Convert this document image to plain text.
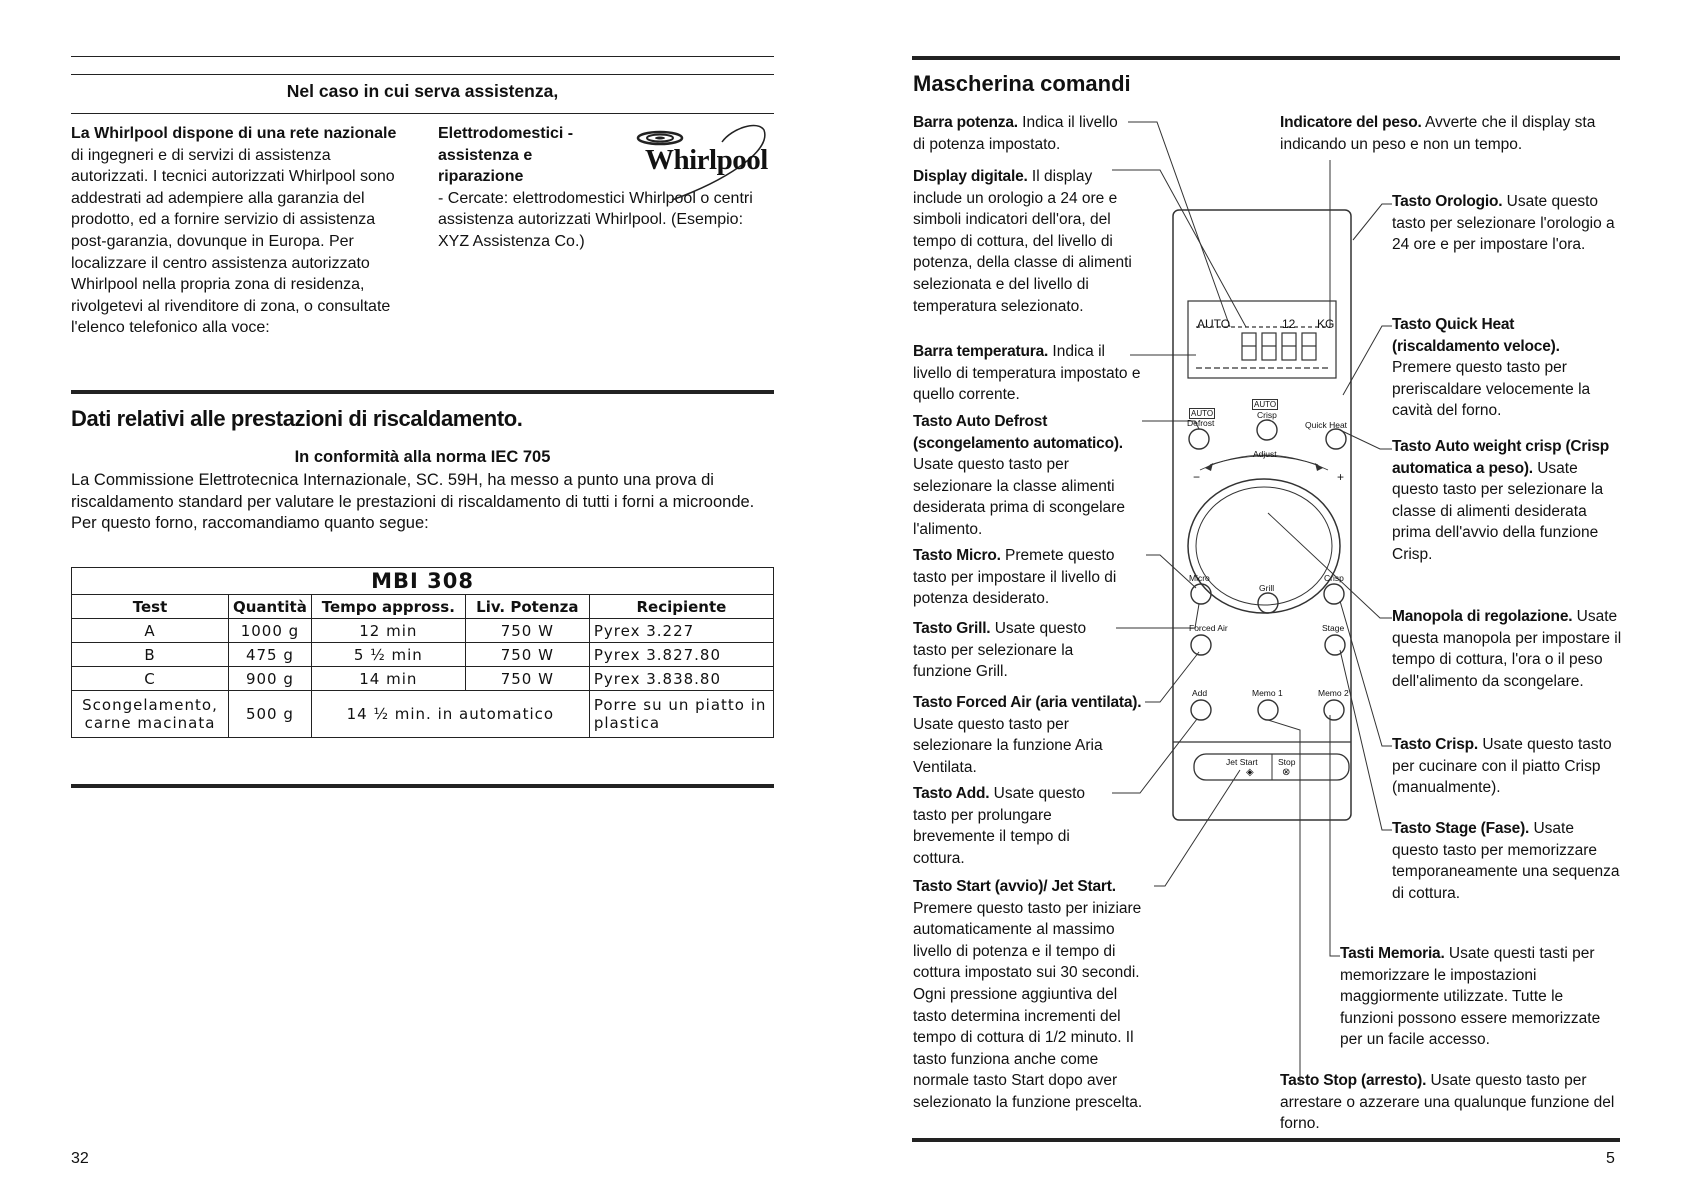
Nel caso in cui serva assistenza,
La Whirlpool dispone di una rete nazionale di ingegneri e di servizi di assistenza autorizzati. I tecnici autorizzati Whirlpool sono addestrati ad adempiere alla garanzia del prodotto, ed a fornire servizio di assistenza post-garanzia, dovunque in Europa. Per localizzare il centro assistenza autorizzato Whirlpool nella propria zona di residenza, rivolgetevi al rivenditore di zona, o consultate l'elenco telefonico alla voce:
Elettrodomestici - assistenza e riparazione
- Cercate: elettrodomestici Whirlpool o centri assistenza autorizzati Whirlpool. (Esempio: XYZ Assistenza Co.)
Whirlpool
Dati relativi alle prestazioni di riscaldamento.
In conformità alla norma IEC 705
La Commissione Elettrotecnica Internazionale, SC. 59H, ha messo a punto una prova di riscaldamento standard per valutare le prestazioni di riscaldamento di tutti i forni a microonde. Per questo forno, raccomandiamo quanto segue:
MBI 308				
Test	Quantità	Tempo appross.	Liv. Potenza	Recipiente
A	1000 g	12 min	750 W	Pyrex 3.227
B	475 g	5 ½ min	750 W	Pyrex 3.827.80
C	900 g	14 min	750 W	Pyrex 3.838.80
Scongelamento, carne macinata	500 g	14 ½ min. in automatico		Porre su un piatto in plastica
32
Mascherina comandi
Barra potenza. Indica il livello di potenza impostato.
Display digitale. Il display include un orologio a 24 ore e simboli indicatori dell'ora, del tempo di cottura, del livello di potenza, della classe di alimenti selezionata e del livello di temperatura selezionato.
Barra temperatura. Indica il livello di temperatura impostato e quello corrente.
Tasto Auto Defrost (scongelamento automatico). Usate questo tasto per selezionare la classe alimenti desiderata prima di scongelare l'alimento.
Tasto Micro. Premete questo tasto per impostare il livello di potenza desiderato.
Tasto Grill. Usate questo tasto per selezionare la funzione Grill.
Tasto Forced Air (aria ventilata). Usate questo tasto per selezionare la funzione Aria Ventilata.
Tasto Add. Usate questo tasto per prolungare brevemente il tempo di cottura.
Tasto Start (avvio)/ Jet Start. Premere questo tasto per iniziare automaticamente al massimo livello di potenza e il tempo di cottura impostato sui 30 secondi. Ogni pressione aggiuntiva del tasto determina incrementi del tempo di cottura di 1/2 minuto. Il tasto funziona anche come normale tasto Start dopo aver selezionato la funzione prescelta.
Indicatore del peso. Avverte che il display sta indicando un peso e non un tempo.
Tasto Orologio. Usate questo tasto per selezionare l'orologio a 24 ore e per impostare l'ora.
Tasto Quick Heat (riscaldamento veloce). Premere questo tasto per preriscaldare velocemente la cavità del forno.
Tasto Auto weight crisp (Crisp automatica a peso). Usate questo tasto per selezionare la classe di alimenti desiderata prima dell'avvio della funzione Crisp.
Manopola di regolazione. Usate questa manopola per impostare il tempo di cottura, l'ora o il peso dell'alimento da scongelare.
Tasto Crisp. Usate questo tasto per cucinare con il piatto Crisp (manualmente).
Tasto Stage (Fase). Usate questo tasto per memorizzare temporaneamente una sequenza di cottura.
Tasti Memoria. Usate questi tasti per memorizzare le impostazioni maggiormente utilizzate. Tutte le funzioni possono essere memorizzate per un facile accesso.
Tasto Stop (arresto). Usate questo tasto per arrestare o azzerare una qualunque funzione del forno.
AUTO	12 KG
AUTO
Defrost
AUTO
Crisp
Quick Heat
Adjust
−	+
Micro
Grill
Crisp
Forced Air	Stage
Add	Memo 1	Memo 2
Jet Start Stop
◈	⊗
5
